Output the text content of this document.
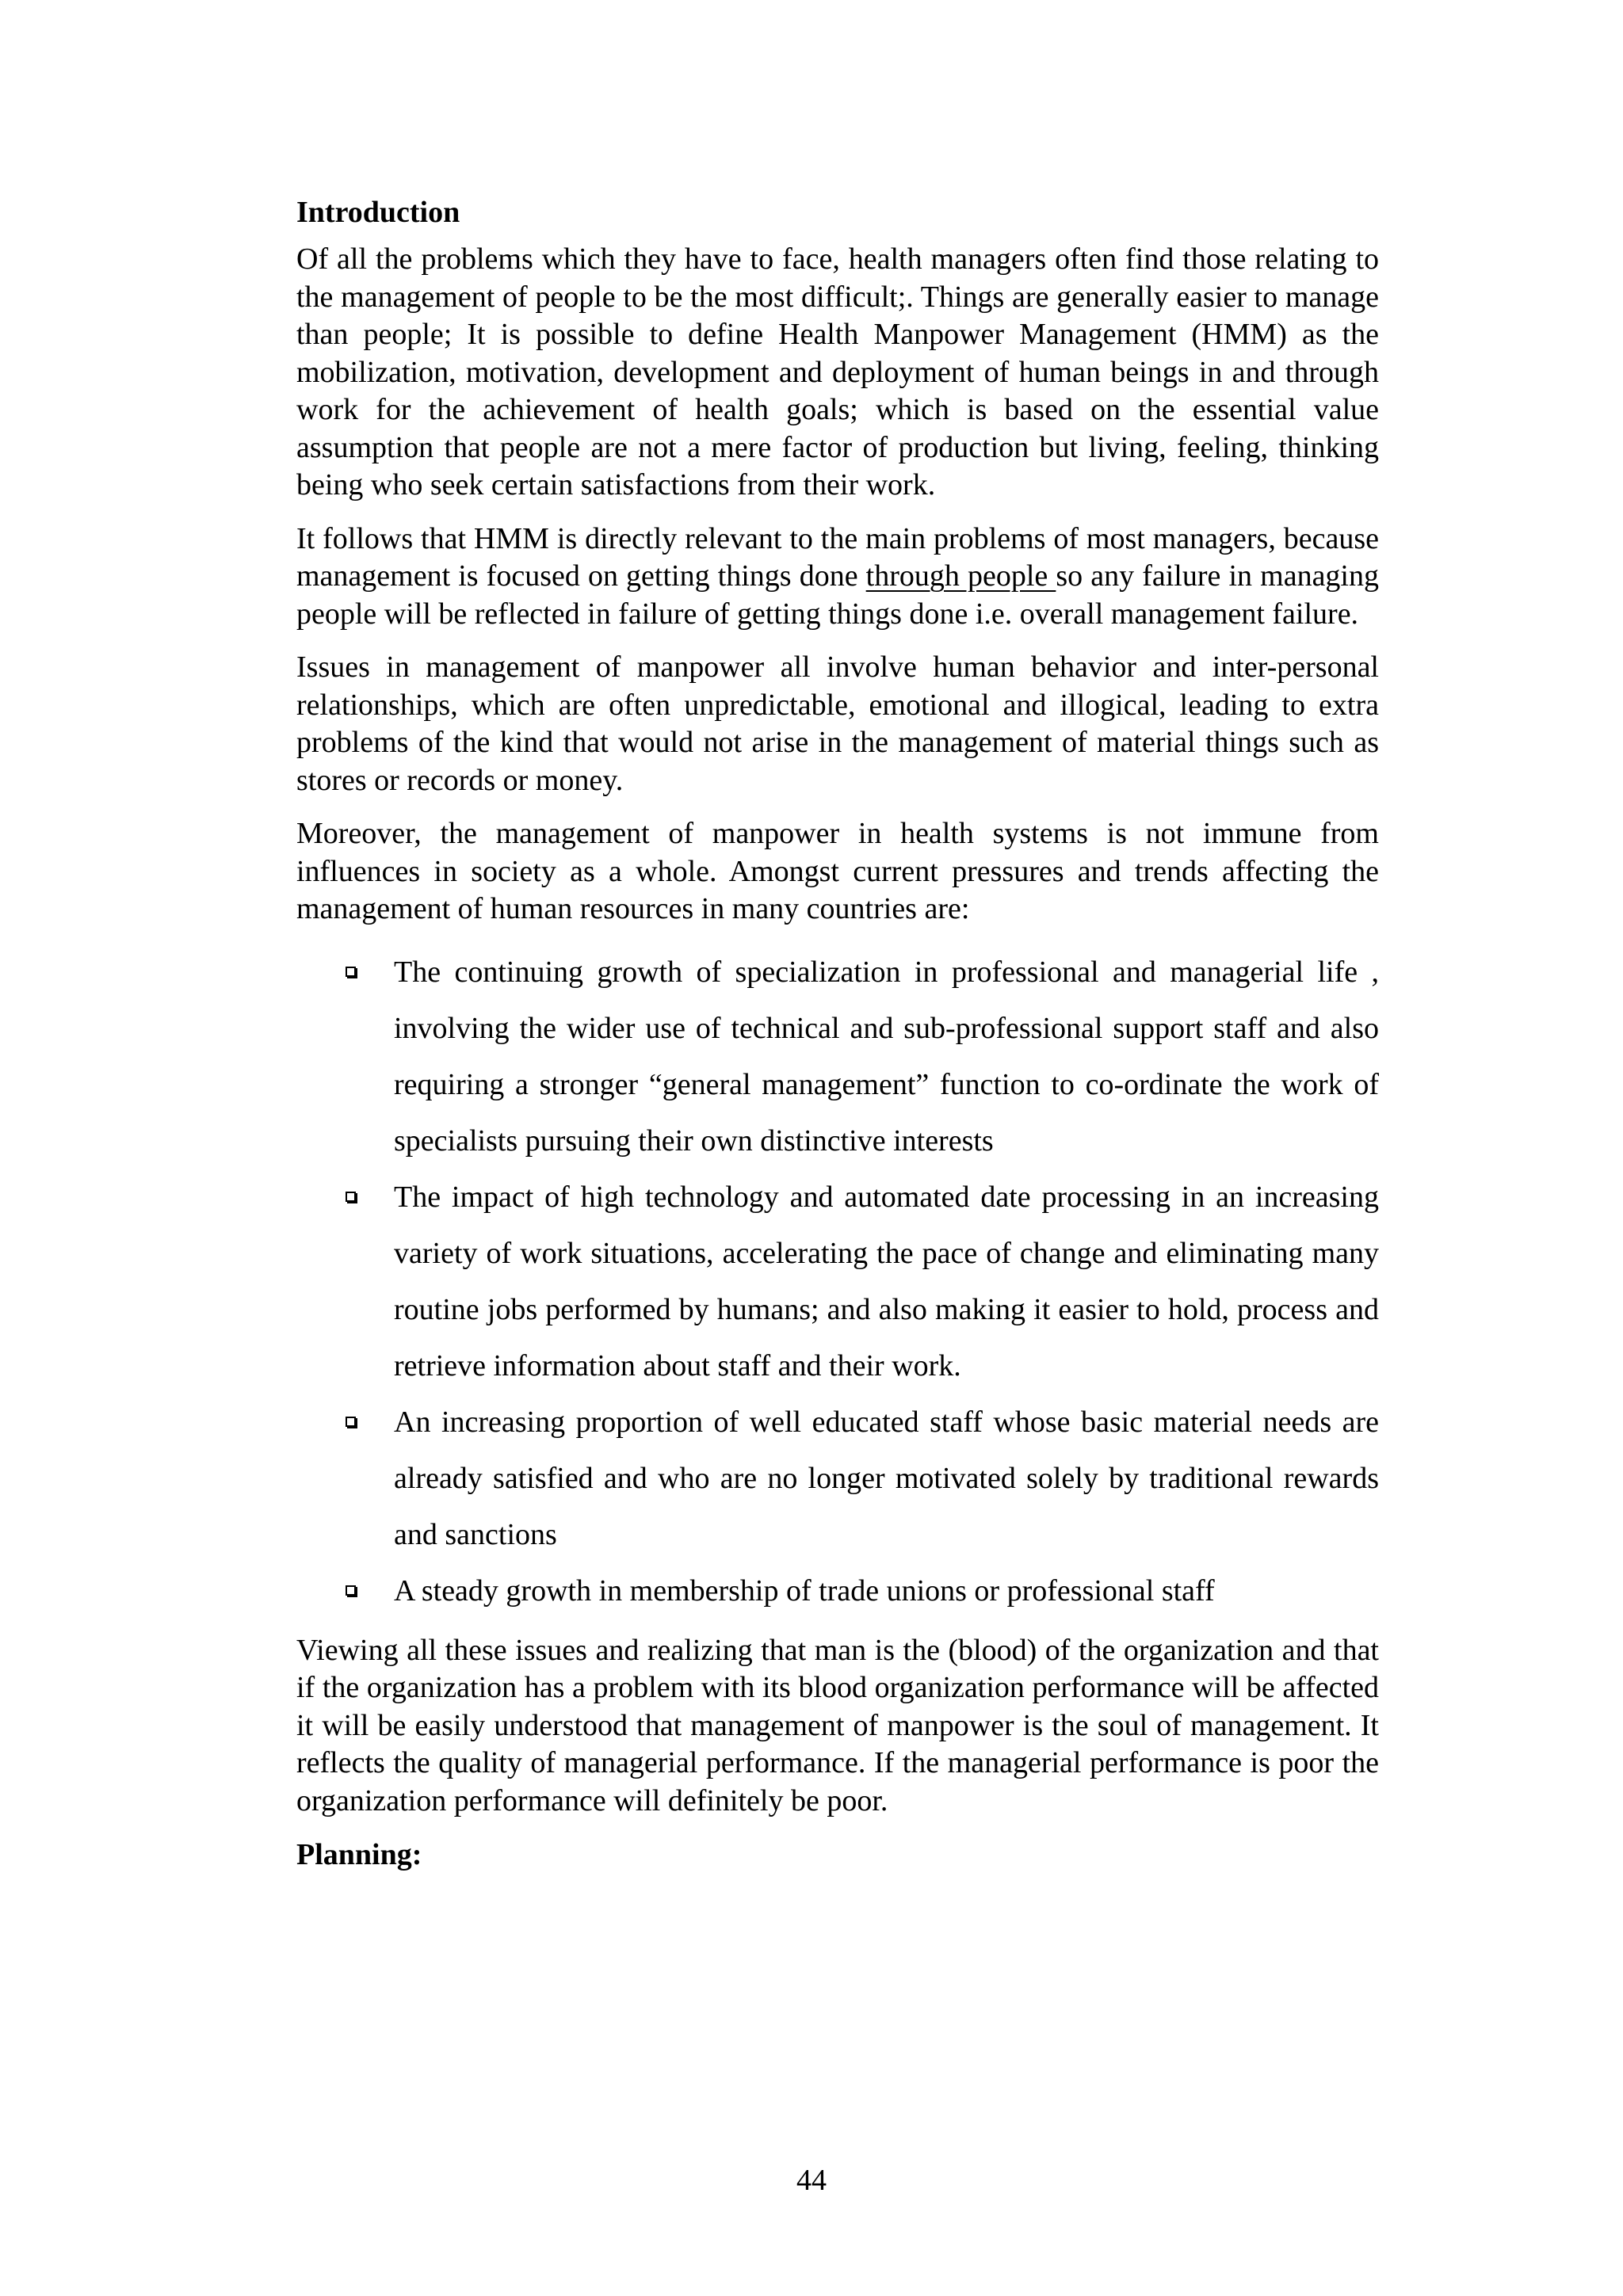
Introduction

Of all the problems which they have to face, health managers often find those relating to the management of people to be the most difficult;. Things are generally easier to manage than people; It is possible to define Health Manpower Management (HMM) as the mobilization, motivation, development and deployment of human beings in and through work for the achievement of health goals; which is based on the essential value assumption that people are not a mere factor of production but living, feeling, thinking being who seek certain satisfactions from their work.

It follows that HMM is directly relevant to the main problems of most managers, because management is focused on getting things done through people so any failure in managing people will be reflected in failure of getting things done i.e. overall management failure.

Issues in management of manpower all involve human behavior and inter-personal relationships, which are often unpredictable, emotional and illogical, leading to extra problems of the kind that would not arise in the management of material things such as stores or records or money.

Moreover, the management of manpower in health systems is not immune from influences in society as a whole. Amongst current pressures and trends affecting the management of human resources in many countries are:

The continuing growth of specialization in professional and managerial life , involving the wider use of technical and sub-professional support staff and also requiring a stronger “general management” function to co-ordinate the work of specialists pursuing their own distinctive interests
The impact of high technology and automated date processing in an increasing variety of work situations, accelerating the pace of change and eliminating many routine jobs performed by humans; and also making it easier to hold, process and retrieve information about staff and their work.
An increasing proportion of well educated staff whose basic material needs are already satisfied and who are no longer motivated solely by traditional rewards and sanctions
A steady growth in membership of trade unions or professional staff

Viewing all these issues and realizing that man is the (blood) of the organization and that if the organization has a problem with its blood organization performance will be affected it will be easily understood that management of manpower is the soul of management. It reflects the quality of managerial performance. If the managerial performance is poor the organization performance will definitely be poor.

Planning:
44
